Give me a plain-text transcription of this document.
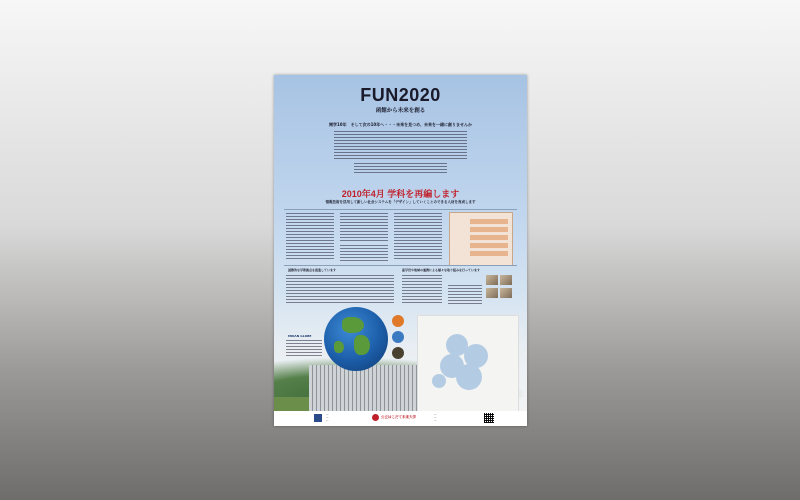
FUN2020
函館から未来を創る
開学10年　そして次の10年へ・・・未来を見つめ、未来を一緒に創りませんか
2010年4月 学科を再編します
情報技術を活用して新しい社会システムを「デザイン」していくことのできる人材を育成します
国際的な学術拠点を推進しています	産学官や地域の連携による様々な取り組みを行っています
MIKAN GLOBE
—
—
—
公立はこだて未来大学
—
—
—
